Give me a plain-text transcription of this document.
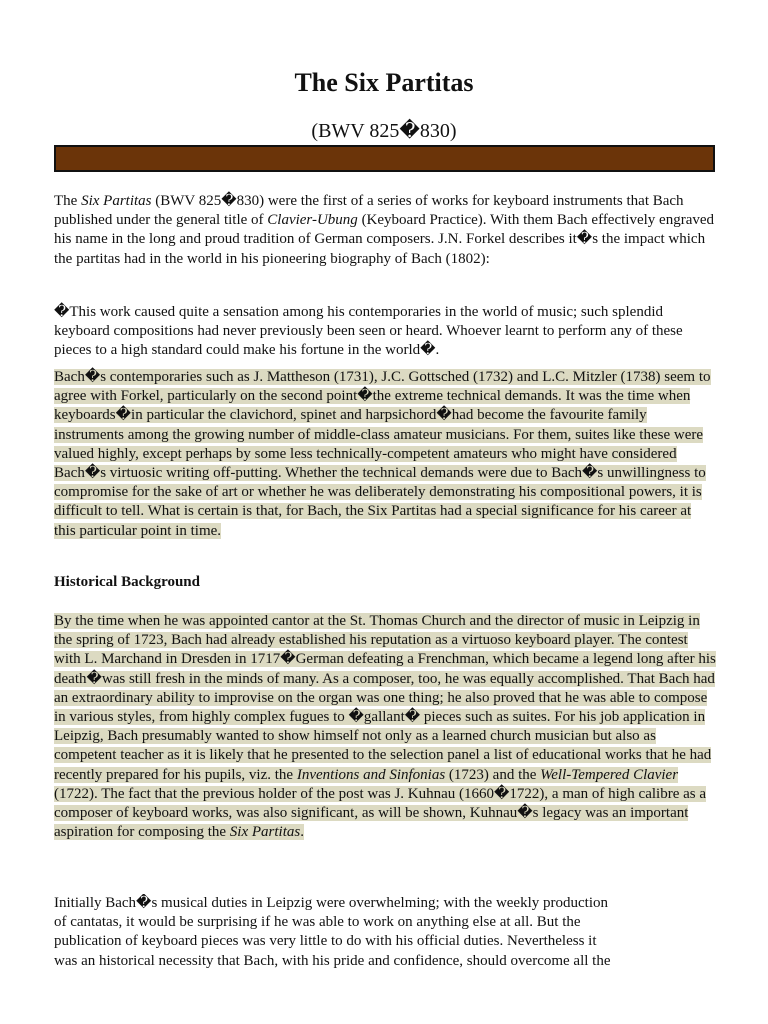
The Six Partitas
(BWV 825�830)

The Six Partitas (BWV 825�830) were the first of a series of works for keyboard instruments that Bach published under the general title of Clavier-Ubung (Keyboard Practice). With them Bach effectively engraved his name in the long and proud tradition of German composers. J.N. Forkel describes it�s the impact which the partitas had in the world in his pioneering biography of Bach (1802):

�This work caused quite a sensation among his contemporaries in the world of music; such splendid keyboard compositions had never previously been seen or heard. Whoever learnt to perform any of these pieces to a high standard could make his fortune in the world�.

Bach�s contemporaries such as J. Mattheson (1731), J.C. Gottsched (1732) and L.C. Mitzler (1738) seem to agree with Forkel, particularly on the second point�the extreme technical demands. It was the time when keyboards�in particular the clavichord, spinet and harpsichord�had become the favourite family instruments among the growing number of middle-class amateur musicians. For them, suites like these were valued highly, except perhaps by some less technically-competent amateurs who might have considered Bach�s virtuosic writing off-putting. Whether the technical demands were due to Bach�s unwillingness to compromise for the sake of art or whether he was deliberately demonstrating his compositional powers, it is difficult to tell. What is certain is that, for Bach, the Six Partitas had a special significance for his career at this particular point in time.

Historical Background

By the time when he was appointed cantor at the St. Thomas Church and the director of music in Leipzig in the spring of 1723, Bach had already established his reputation as a virtuoso keyboard player. The contest with L. Marchand in Dresden in 1717�German defeating a Frenchman, which became a legend long after his death�was still fresh in the minds of many. As a composer, too, he was equally accomplished. That Bach had an extraordinary ability to improvise on the organ was one thing; he also proved that he was able to compose in various styles, from highly complex fugues to �gallant� pieces such as suites. For his job application in Leipzig, Bach presumably wanted to show himself not only as a learned church musician but also as competent teacher as it is likely that he presented to the selection panel a list of educational works that he had recently prepared for his pupils, viz. the Inventions and Sinfonias (1723) and the Well-Tempered Clavier (1722). The fact that the previous holder of the post was J. Kuhnau (1660�1722), a man of high calibre as a composer of keyboard works, was also significant, as will be shown, Kuhnau�s legacy was an important aspiration for composing the Six Partitas.

Initially Bach�s musical duties in Leipzig were overwhelming; with the weekly production
of cantatas, it would be surprising if he was able to work on anything else at all. But the
publication of keyboard pieces was very little to do with his official duties. Nevertheless it
was an historical necessity that Bach, with his pride and confidence, should overcome all the
